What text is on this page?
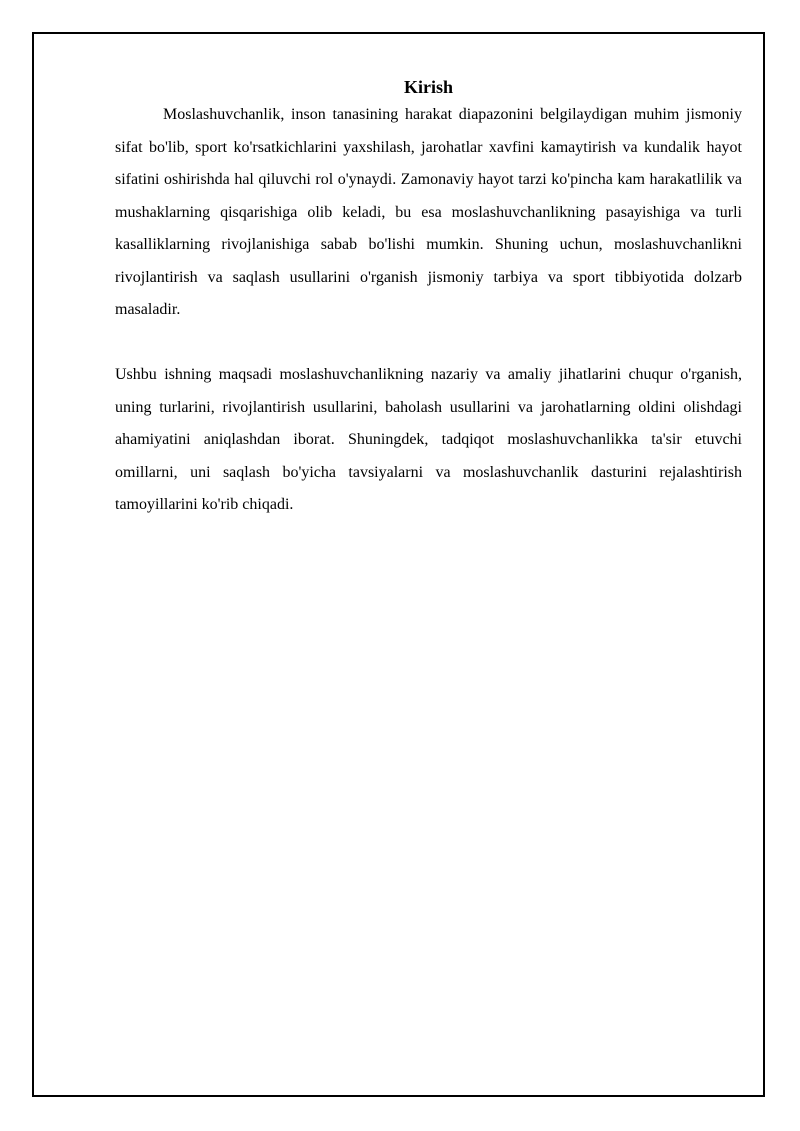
Kirish

Moslashuvchanlik, inson tanasining harakat diapazonini belgilaydigan muhim jismoniy sifat bo'lib, sport ko'rsatkichlarini yaxshilash, jarohatlar xavfini kamaytirish va kundalik hayot sifatini oshirishda hal qiluvchi rol o'ynaydi. Zamonaviy hayot tarzi ko'pincha kam harakatlilik va mushaklarning qisqarishiga olib keladi, bu esa moslashuvchanlikning pasayishiga va turli kasalliklarning rivojlanishiga sabab bo'lishi mumkin. Shuning uchun, moslashuvchanlikni rivojlantirish va saqlash usullarini o'rganish jismoniy tarbiya va sport tibbiyotida dolzarb masaladir.

Ushbu ishning maqsadi moslashuvchanlikning nazariy va amaliy jihatlarini chuqur o'rganish, uning turlarini, rivojlantirish usullarini, baholash usullarini va jarohatlarning oldini olishdagi ahamiyatini aniqlashdan iborat. Shuningdek, tadqiqot moslashuvchanlikka ta'sir etuvchi omillarni, uni saqlash bo'yicha tavsiyalarni va moslashuvchanlik dasturini rejalashtirish tamoyillarini ko'rib chiqadi.
